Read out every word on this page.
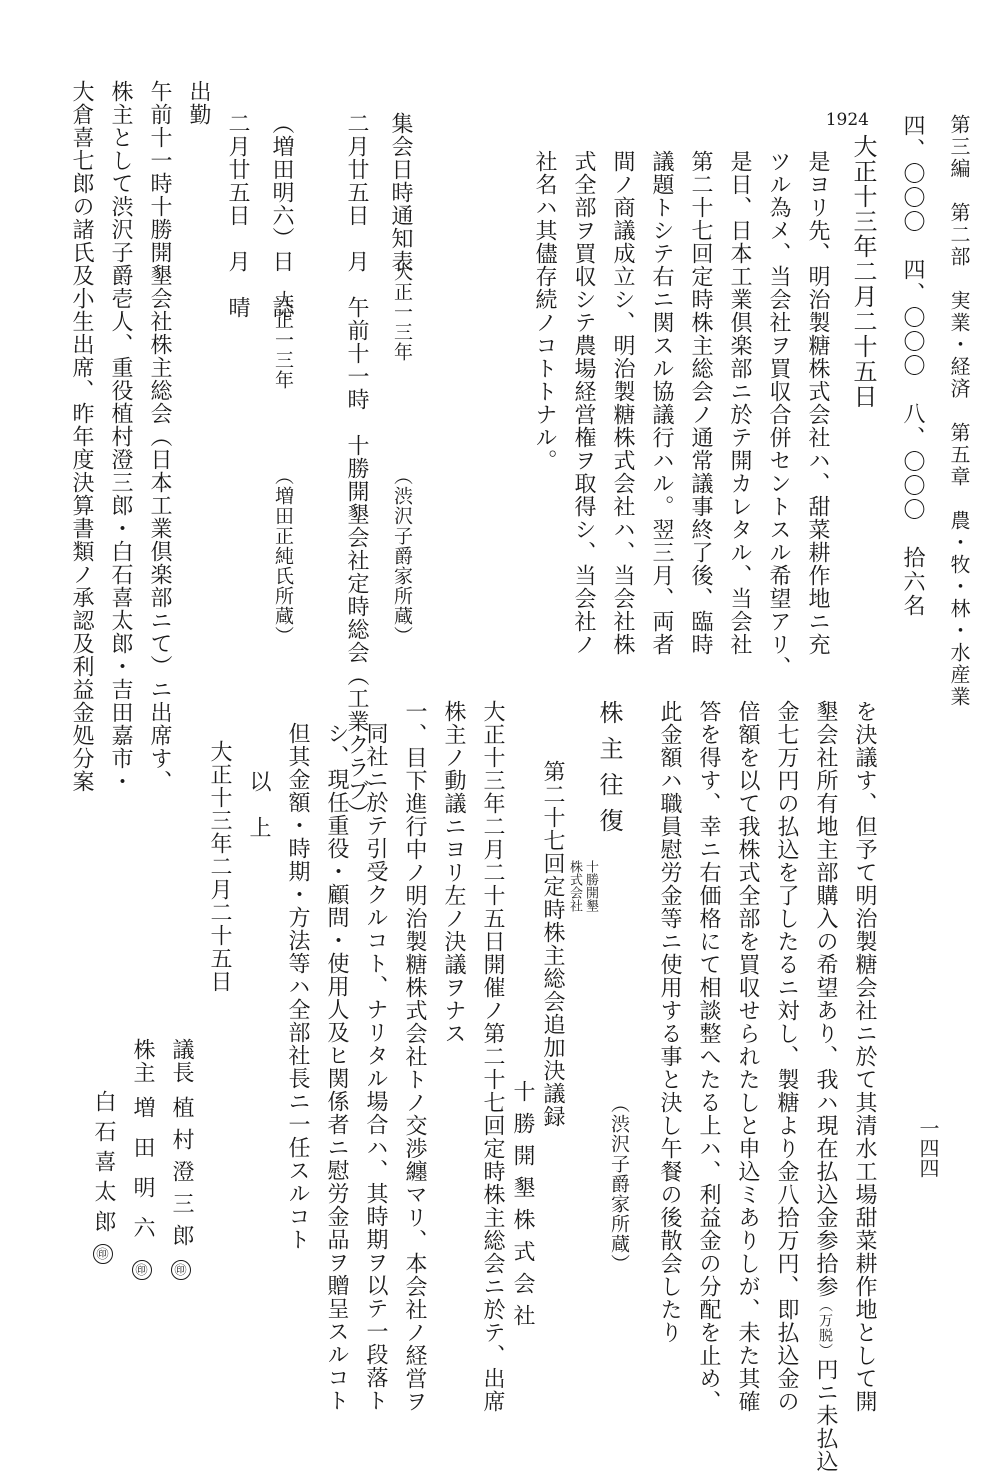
第三編　第二部　実業・経済　第五章　農・牧・林・水産業
一四四
四、〇〇〇　四、〇〇〇　八、〇〇〇　拾六名
1924
大正十三年二月二十五日
是ヨリ先、明治製糖株式会社ハ、甜菜耕作地ニ充
ツル為メ、当会社ヲ買収合併セントスル希望アリ、
是日、日本工業倶楽部ニ於テ開カレタル、当会社
第二十七回定時株主総会ノ通常議事終了後、臨時
議題トシテ右ニ関スル協議行ハル。翌三月、両者
間ノ商議成立シ、明治製糖株式会社ハ、当会社株
式全部ヲ買収シテ農場経営権ヲ取得シ、当会社ノ
社名ハ其儘存続ノコトトナル。
集会日時通知表
大正一三年
（渋沢子爵家所蔵）
二月廿五日　月　午前十一時　十勝開墾会社定時総会（工業クラブ）
（増田明六）日　誌
大正一三年
（増田正純氏所蔵）
二月廿五日　月　晴
出勤
午前十一時十勝開墾会社株主総会（日本工業倶楽部ニて）ニ出席す、
株主として渋沢子爵壱人、重役植村澄三郎・白石喜太郎・吉田嘉市・
大倉喜七郎の諸氏及小生出席、昨年度決算書類ノ承認及利益金処分案
を決議す、但予て明治製糖会社ニ於て其清水工場甜菜耕作地として開
墾会社所有地主部購入の希望あり、我ハ現在払込金参拾参（万脱）円ニ未払込
金七万円の払込を了したるニ対し、製糖より金八拾万円、即払込金の
倍額を以て我株式全部を買収せられたしと申込ミありしが、未た其確
答を得す、幸ニ右価格にて相談整へたる上ハ、利益金の分配を止め、
此金額ハ職員慰労金等ニ使用する事と決し午餐の後散会したり
（渋沢子爵家所蔵）
株主往復
十勝開墾
株式会社
第二十七回定時株主総会追加決議録
十勝開墾株式会社
大正十三年二月二十五日開催ノ第二十七回定時株主総会ニ於テ、出席
株主ノ動議ニヨリ左ノ決議ヲナス
一、目下進行中ノ明治製糖株式会社トノ交渉纏マリ、本会社ノ経営ヲ
同社ニ於テ引受クルコト、ナリタル場合ハ、其時期ヲ以テ一段落ト
シ、現任重役・顧問・使用人及ヒ関係者ニ慰労金品ヲ贈呈スルコト
但其金額・時期・方法等ハ全部社長ニ一任スルコト
以　上
大正十三年二月二十五日
議長植村澄三郎㊞
株主増田明六㊞
白石喜太郎㊞
